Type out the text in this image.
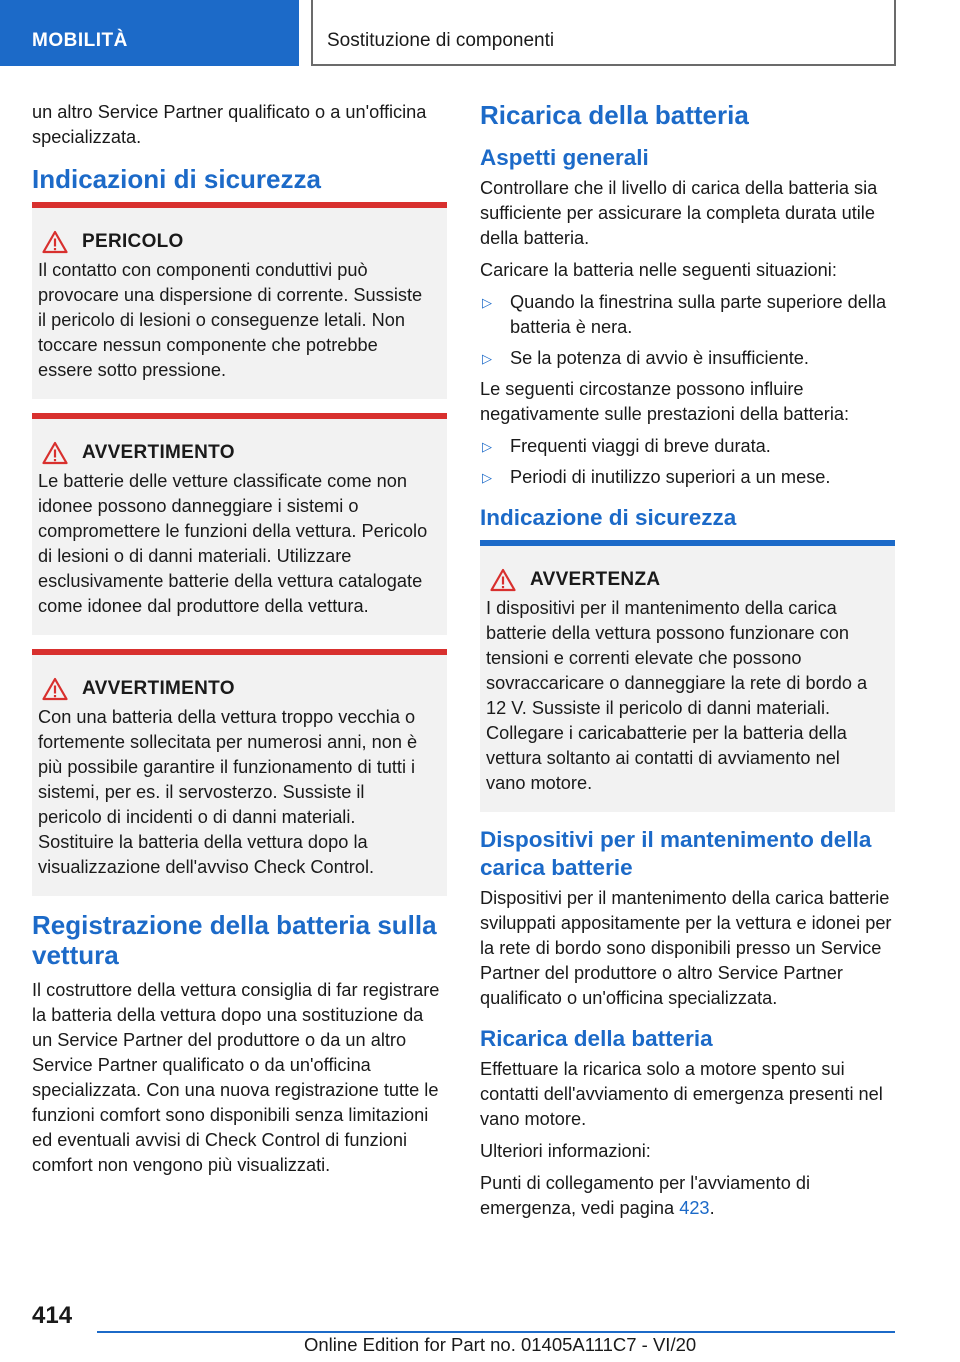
MOBILITÀ	Sostituzione di componenti

un altro Service Partner qualificato o a un'officina specializzata.

Indicazioni di sicurezza
PERICOLO
Il contatto con componenti conduttivi può provocare una dispersione di corrente. Sussiste il pericolo di lesioni o conseguenze letali. Non toccare nessun componente che potrebbe essere sotto pressione.
AVVERTIMENTO
Le batterie delle vetture classificate come non idonee possono danneggiare i sistemi o compromettere le funzioni della vettura. Pericolo di lesioni o di danni materiali. Utilizzare esclusivamente batterie della vettura catalogate come idonee dal produttore della vettura.
AVVERTIMENTO
Con una batteria della vettura troppo vecchia o fortemente sollecitata per numerosi anni, non è più possibile garantire il funzionamento di tutti i sistemi, per es. il servosterzo. Sussiste il pericolo di incidenti o di danni materiali. Sostituire la batteria della vettura dopo la visualizzazione dell'avviso Check Control.
Registrazione della batteria sulla vettura

Il costruttore della vettura consiglia di far registrare la batteria della vettura dopo una sostituzione da un Service Partner del produttore o da un altro Service Partner qualificato o da un'officina specializzata. Con una nuova registrazione tutte le funzioni comfort sono disponibili senza limitazioni ed eventuali avvisi di Check Control di funzioni comfort non vengono più visualizzati.

Ricarica della batteria
Aspetti generali

Controllare che il livello di carica della batteria sia sufficiente per assicurare la completa durata utile della batteria.

Caricare la batteria nelle seguenti situazioni:

▷ Quando la finestrina sulla parte superiore della batteria è nera.
▷ Se la potenza di avvio è insufficiente.

Le seguenti circostanze possono influire negativamente sulle prestazioni della batteria:

▷ Frequenti viaggi di breve durata.
▷ Periodi di inutilizzo superiori a un mese.
Indicazione di sicurezza
AVVERTENZA
I dispositivi per il mantenimento della carica batterie della vettura possono funzionare con tensioni e correnti elevate che possono sovraccaricare o danneggiare la rete di bordo a 12 V. Sussiste il pericolo di danni materiali. Collegare i caricabatterie per la batteria della vettura soltanto ai contatti di avviamento nel vano motore.
Dispositivi per il mantenimento della carica batterie

Dispositivi per il mantenimento della carica batterie sviluppati appositamente per la vettura e idonei per la rete di bordo sono disponibili presso un Service Partner del produttore o altro Service Partner qualificato o un'officina specializzata.

Ricarica della batteria

Effettuare la ricarica solo a motore spento sui contatti dell'avviamento di emergenza presenti nel vano motore.

Ulteriori informazioni:

Punti di collegamento per l'avviamento di emergenza, vedi pagina 423.

414
Online Edition for Part no. 01405A111C7 - VI/20
